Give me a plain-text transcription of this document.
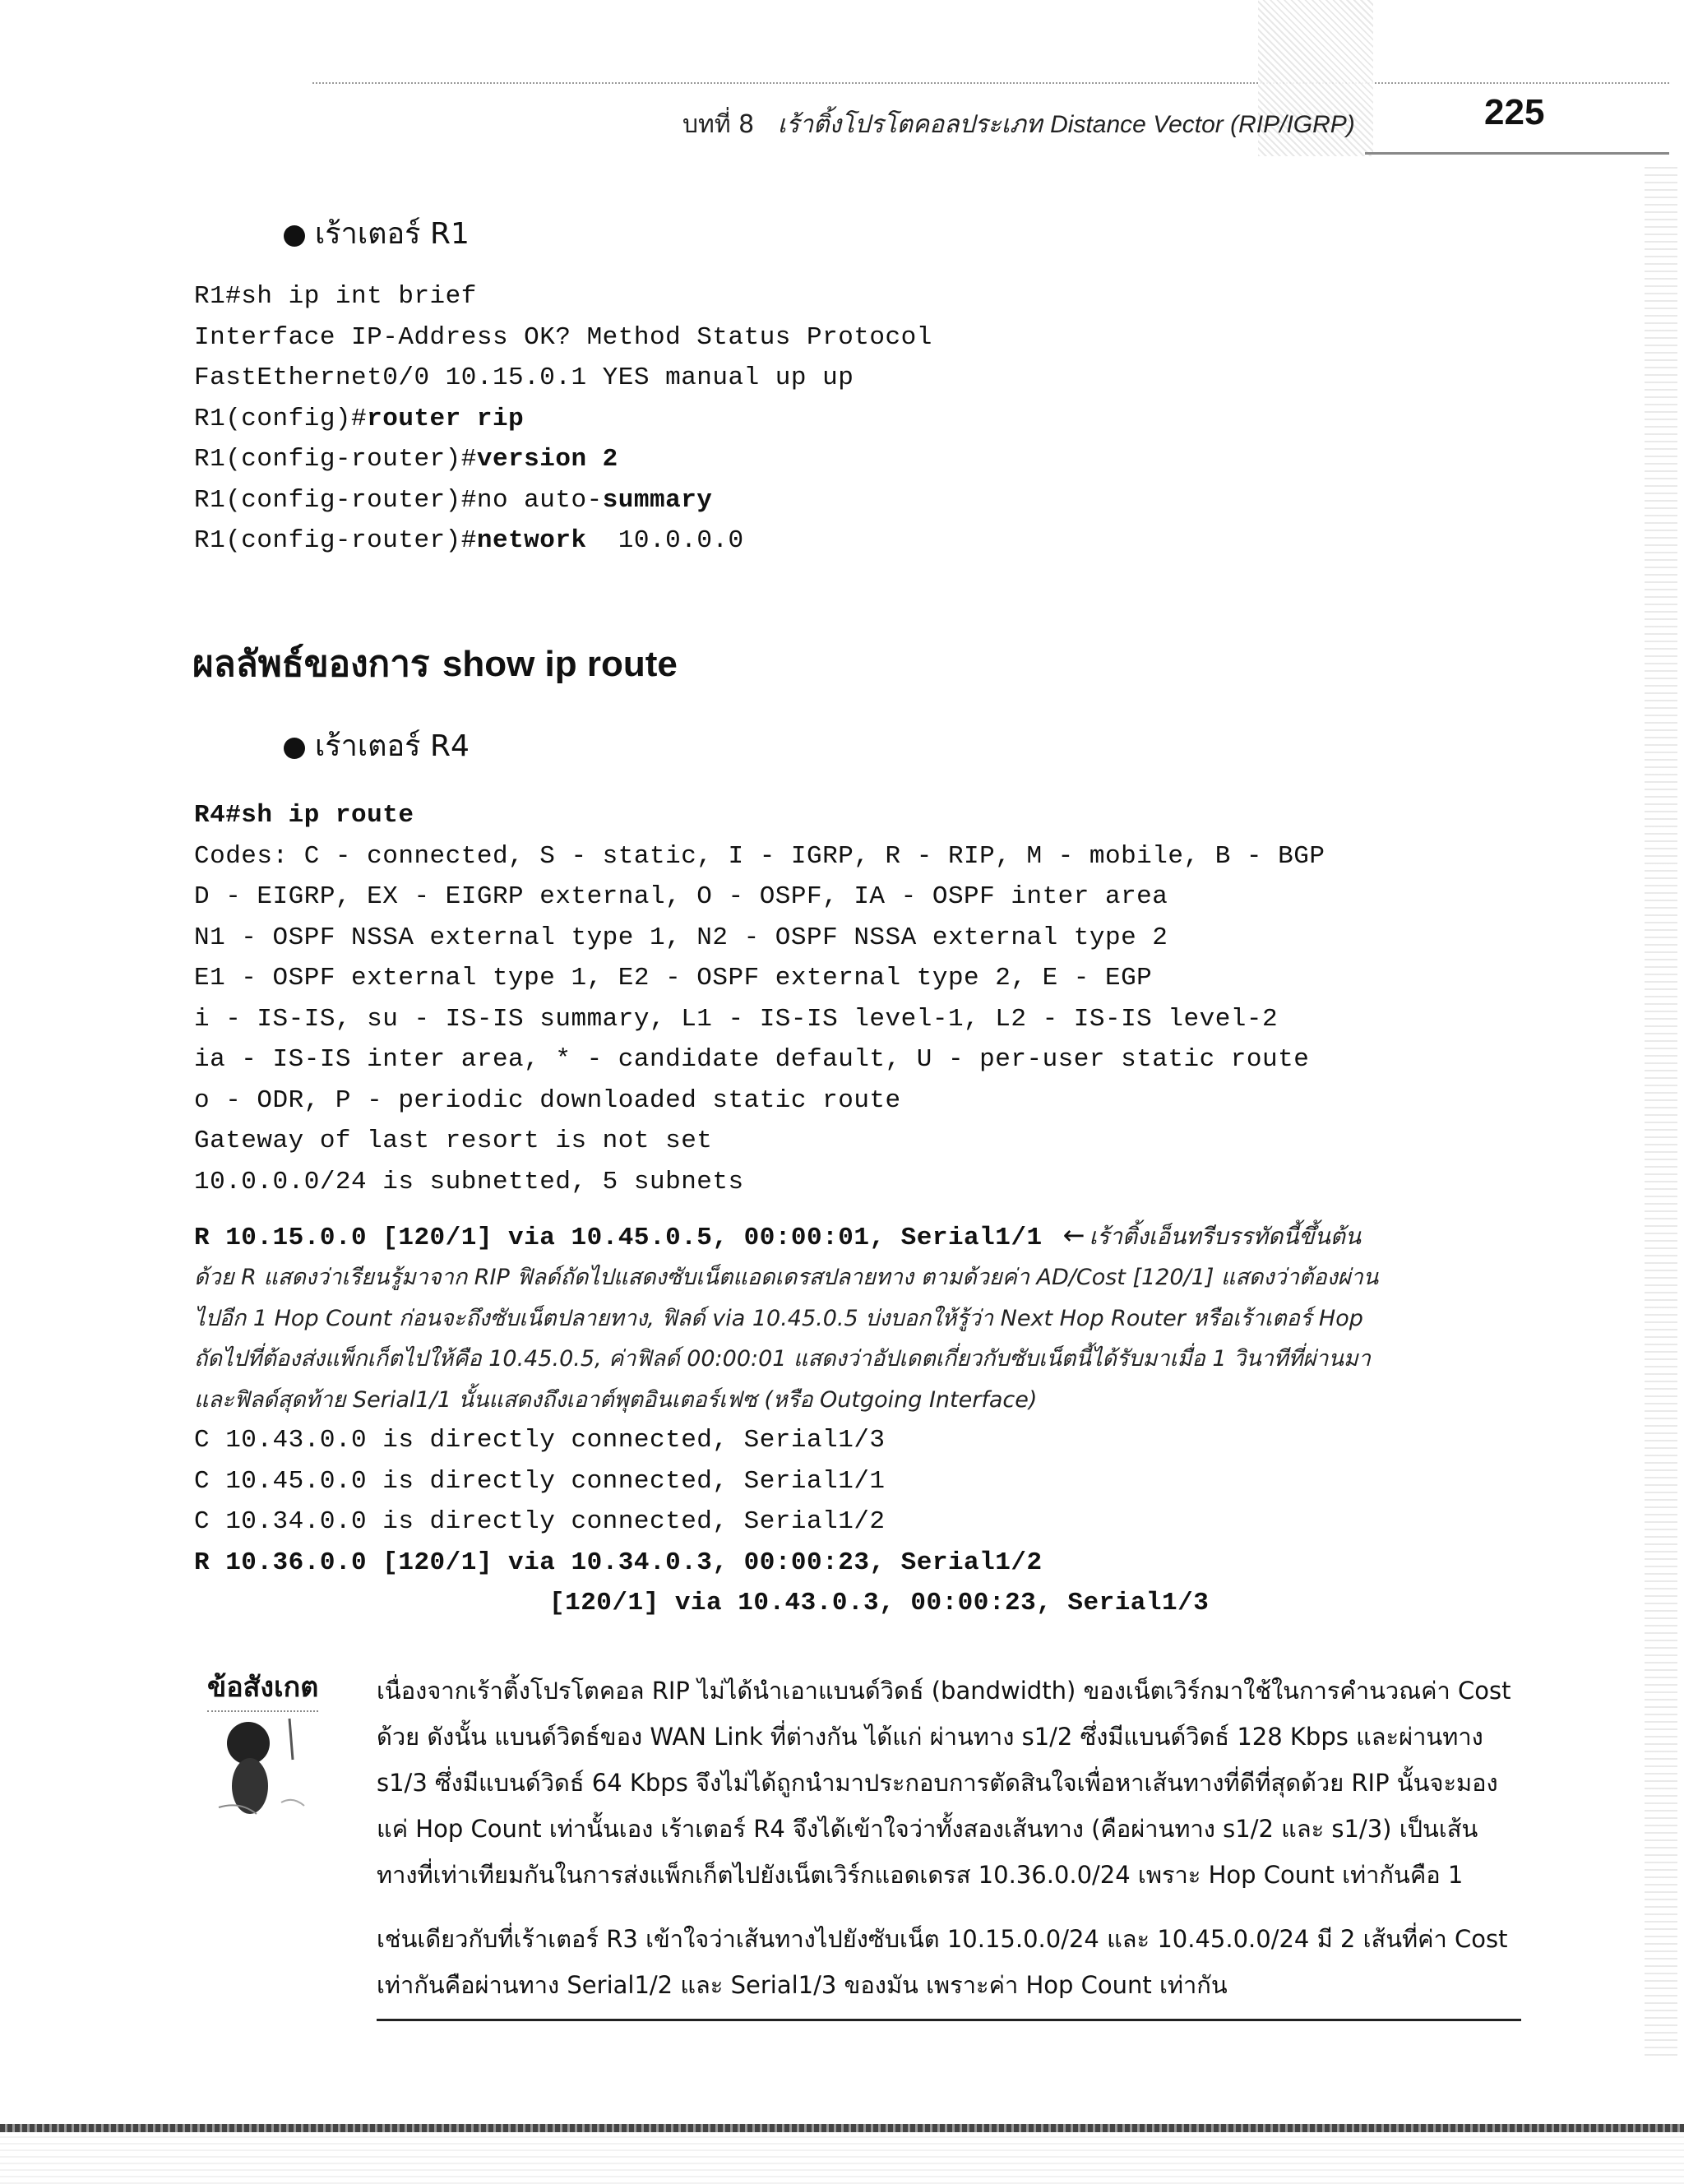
บทที่ 8 เร้าติ้งโปรโตคอลประเภท Distance Vector (RIP/IGRP)	225
เร้าเตอร์ R1
R1#sh ip int brief
Interface IP-Address OK? Method Status Protocol
FastEthernet0/0 10.15.0.1 YES manual up up
R1(config)#router rip
R1(config-router)#version 2
R1(config-router)#no auto-summary
R1(config-router)#network  10.0.0.0
ผลลัพธ์ของการ show ip route
เร้าเตอร์ R4
R4#sh ip route
Codes: C - connected, S - static, I - IGRP, R - RIP, M - mobile, B - BGP
D - EIGRP, EX - EIGRP external, O - OSPF, IA - OSPF inter area
N1 - OSPF NSSA external type 1, N2 - OSPF NSSA external type 2
E1 - OSPF external type 1, E2 - OSPF external type 2, E - EGP
i - IS-IS, su - IS-IS summary, L1 - IS-IS level-1, L2 - IS-IS level-2
ia - IS-IS inter area, * - candidate default, U - per-user static route
o - ODR, P - periodic downloaded static route
Gateway of last resort is not set
10.0.0.0/24 is subnetted, 5 subnets
R 10.15.0.0 [120/1] via 10.45.0.5, 00:00:01, Serial1/1 ← เร้าติ้งเอ็นทรีบรรทัดนี้ขึ้นต้น
ด้วย R แสดงว่าเรียนรู้มาจาก RIP ฟิลด์ถัดไปแสดงซับเน็ตแอดเดรสปลายทาง ตามด้วยค่า AD/Cost [120/1] แสดงว่าต้องผ่าน
ไปอีก 1 Hop Count ก่อนจะถึงซับเน็ตปลายทาง, ฟิลด์ via 10.45.0.5 บ่งบอกให้รู้ว่า Next Hop Router หรือเร้าเตอร์ Hop
ถัดไปที่ต้องส่งแพ็กเก็ตไปให้คือ 10.45.0.5, ค่าฟิลด์ 00:00:01 แสดงว่าอัปเดตเกี่ยวกับซับเน็ตนี้ได้รับมาเมื่อ 1 วินาทีที่ผ่านมา
และฟิลด์สุดท้าย Serial1/1 นั้นแสดงถึงเอาต์พุตอินเตอร์เฟซ (หรือ Outgoing Interface)
C 10.43.0.0 is directly connected, Serial1/3
C 10.45.0.0 is directly connected, Serial1/1
C 10.34.0.0 is directly connected, Serial1/2
R 10.36.0.0 [120/1] via 10.34.0.3, 00:00:23, Serial1/2
[120/1] via 10.43.0.3, 00:00:23, Serial1/3
ข้อสังเกต เนื่องจากเร้าติ้งโปรโตคอล RIP ไม่ได้นำเอาแบนด์วิดธ์ (bandwidth) ของเน็ตเวิร์กมาใช้ในการคำนวณค่า Cost
ด้วย ดังนั้น แบนด์วิดธ์ของ WAN Link ที่ต่างกัน ได้แก่ ผ่านทาง s1/2 ซึ่งมีแบนด์วิดธ์ 128 Kbps และผ่านทาง
s1/3 ซึ่งมีแบนด์วิดธ์ 64 Kbps จึงไม่ได้ถูกนำมาประกอบการตัดสินใจเพื่อหาเส้นทางที่ดีที่สุดด้วย RIP นั้นจะมอง
แค่ Hop Count เท่านั้นเอง เร้าเตอร์ R4 จึงได้เข้าใจว่าทั้งสองเส้นทาง (คือผ่านทาง s1/2 และ s1/3) เป็นเส้น
ทางที่เท่าเทียมกันในการส่งแพ็กเก็ตไปยังเน็ตเวิร์กแอดเดรส 10.36.0.0/24 เพราะ Hop Count เท่ากันคือ 1
เช่นเดียวกับที่เร้าเตอร์ R3 เข้าใจว่าเส้นทางไปยังซับเน็ต 10.15.0.0/24 และ 10.45.0.0/24 มี 2 เส้นที่ค่า Cost
เท่ากันคือผ่านทาง Serial1/2 และ Serial1/3 ของมัน เพราะค่า Hop Count เท่ากัน
